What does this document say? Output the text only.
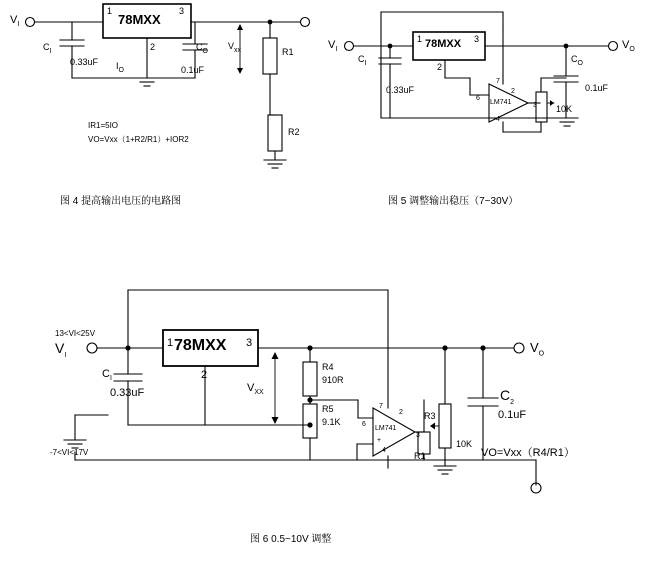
$V_I$
1	3
2
78MXX
$C_I$
0.33uF $I_O$
$C_O$
0.1uF
$V_{xx}$	R1
R2
IR1=5IO
VO=Vxx（1+R2/R1）+IOR2
图 4 提高输出电压的电路图
$V_I$	$V_O$
1	3
2
78MXX
$C_I$
0.33uF
$C_O$
0.1uF
7
6
4
2
3
LM741
10K
图 5 调整输出稳压（7~30V）
13<VI<25V
-7<VI<17V
$V_I$
$V_O$
1	3
2
78MXX
$C_I$
0.33uF	$V_{XX}$
R4
910R
R5
9.1K
7
6
4
2
3
LM741
+
R3
R1
10K
$C_2$
0.1uF
VO=Vxx（R4/R1）
图 6 0.5~10V 调整
